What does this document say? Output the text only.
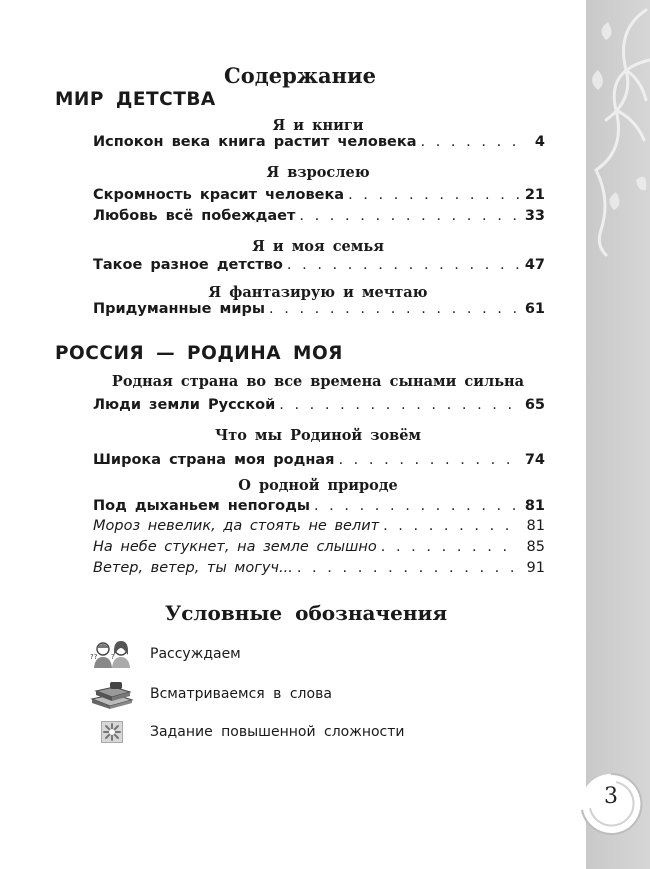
Содержание
МИР ДЕТСТВА
Я и книги
Испокон века книга растит человека . . .	4
Я взрослею
Скромность красит человека . . .	21
Любовь всё побеждает . . .	33
Я и моя семья
Такое разное детство . . .	47
Я фантазирую и мечтаю
Придуманные миры . . .	61
РОССИЯ — РОДИНА МОЯ
Родная страна во все времена сынами сильна
Люди земли Русской . . .	65
Что мы Родиной зовём
Широка страна моя родная . . .	74
О родной природе
Под дыханьем непогоды . . .	81
Мороз невелик, да стоять не велит . . .	81
На небе стукнет, на земле слышно . . .	85
Ветер, ветер, ты могуч... . . .	91
Условные обозначения
?? ?	Рассуждаем
Всматриваемся в слова
Задание повышенной сложности
3
